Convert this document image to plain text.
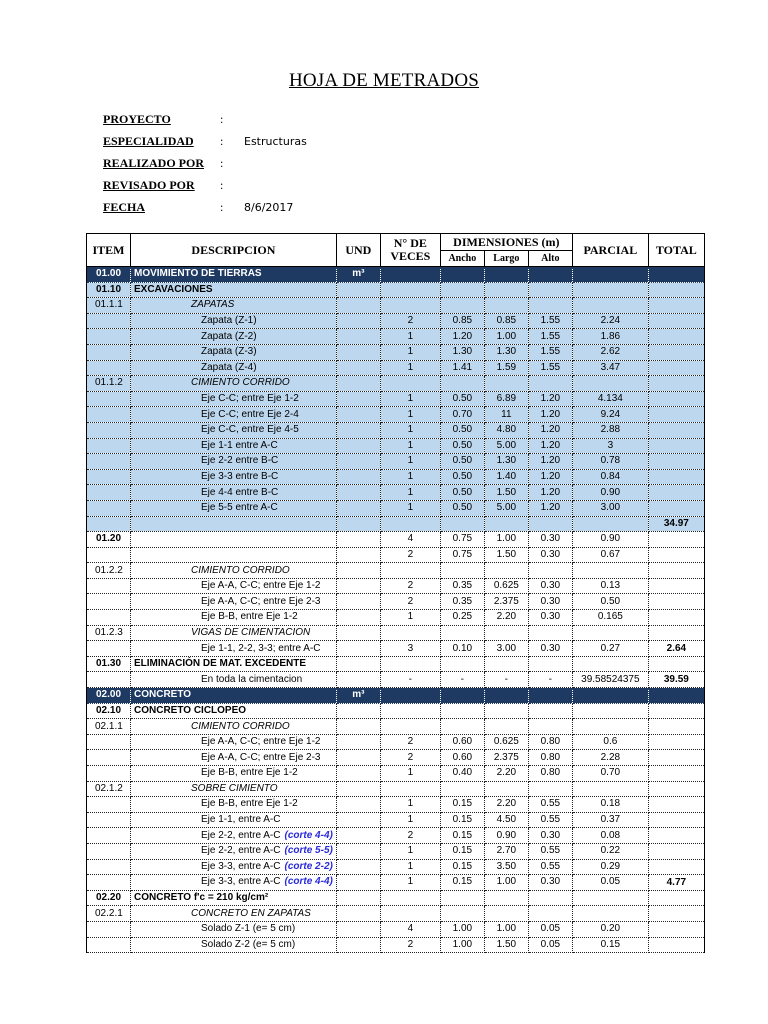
HOJA DE METRADOS
PROYECTO	:
ESPECIALIDAD : Estructuras
REALIZADO POR :
REVISADO POR :
FECHA	: 8/6/2017
ITEM	DESCRIPCION	UND	N° DE VECES	DIMENSIONES (m)			PARCIAL	TOTAL
				Ancho	Largo	Alto		
01.00	MOVIMIENTO DE TIERRAS	m³						
01.10	EXCAVACIONES							
01.1.1	ZAPATAS							
	Zapata (Z-1)		2	0.85	0.85	1.55	2.24	
	Zapata (Z-2)		1	1.20	1.00	1.55	1.86	
	Zapata (Z-3)		1	1.30	1.30	1.55	2.62	
	Zapata (Z-4)		1	1.41	1.59	1.55	3.47	
01.1.2	CIMIENTO CORRIDO							
	Eje C-C; entre Eje 1-2		1	0.50	6.89	1.20	4.134	
	Eje C-C; entre Eje 2-4		1	0.70	11	1.20	9.24	
	Eje C-C, entre Eje 4-5		1	0.50	4.80	1.20	2.88	
	Eje 1-1 entre A-C		1	0.50	5.00	1.20	3	
	Eje 2-2 entre B-C		1	0.50	1.30	1.20	0.78	
	Eje 3-3 entre B-C		1	0.50	1.40	1.20	0.84	
	Eje 4-4 entre B-C		1	0.50	1.50	1.20	0.90	
	Eje 5-5 entre A-C		1	0.50	5.00	1.20	3.00	
								34.97
01.20			4	0.75	1.00	0.30	0.90	
			2	0.75	1.50	0.30	0.67	
01.2.2	CIMIENTO CORRIDO							
	Eje A-A, C-C; entre Eje 1-2		2	0.35	0.625	0.30	0.13	
	Eje A-A, C-C; entre Eje 2-3		2	0.35	2.375	0.30	0.50	
	Eje B-B, entre Eje 1-2		1	0.25	2.20	0.30	0.165	
01.2.3	VIGAS DE CIMENTACION							
	Eje 1-1, 2-2, 3-3; entre A-C		3	0.10	3.00	0.30	0.27	2.64
01.30	ELIMINACIÓN DE MAT. EXCEDENTE							
	En toda la cimentacion		-	-	-	-	39.58524375	39.59
02.00	CONCRETO	m³						
02.10	CONCRETO CICLOPEO							
02.1.1	CIMIENTO CORRIDO							
	Eje A-A, C-C; entre Eje 1-2		2	0.60	0.625	0.80	0.6	
	Eje A-A, C-C; entre Eje 2-3		2	0.60	2.375	0.80	2.28	
	Eje B-B, entre Eje 1-2		1	0.40	2.20	0.80	0.70	
02.1.2	SOBRE CIMIENTO							
	Eje B-B, entre Eje 1-2		1	0.15	2.20	0.55	0.18	
	Eje 1-1, entre A-C		1	0.15	4.50	0.55	0.37	
	Eje 2-2, entre A-C (corte 4-4)		2	0.15	0.90	0.30	0.08	
	Eje 2-2, entre A-C (corte 5-5)		1	0.15	2.70	0.55	0.22	
	Eje 3-3, entre A-C (corte 2-2)		1	0.15	3.50	0.55	0.29	
	Eje 3-3, entre A-C (corte 4-4)		1	0.15	1.00	0.30	0.05	4.77
02.20	CONCRETO f'c = 210 kg/cm²							
02.2.1	CONCRETO EN ZAPATAS							
	Solado Z-1 (e= 5 cm)		4	1.00	1.00	0.05	0.20	
	Solado Z-2 (e= 5 cm)		2	1.00	1.50	0.05	0.15	
